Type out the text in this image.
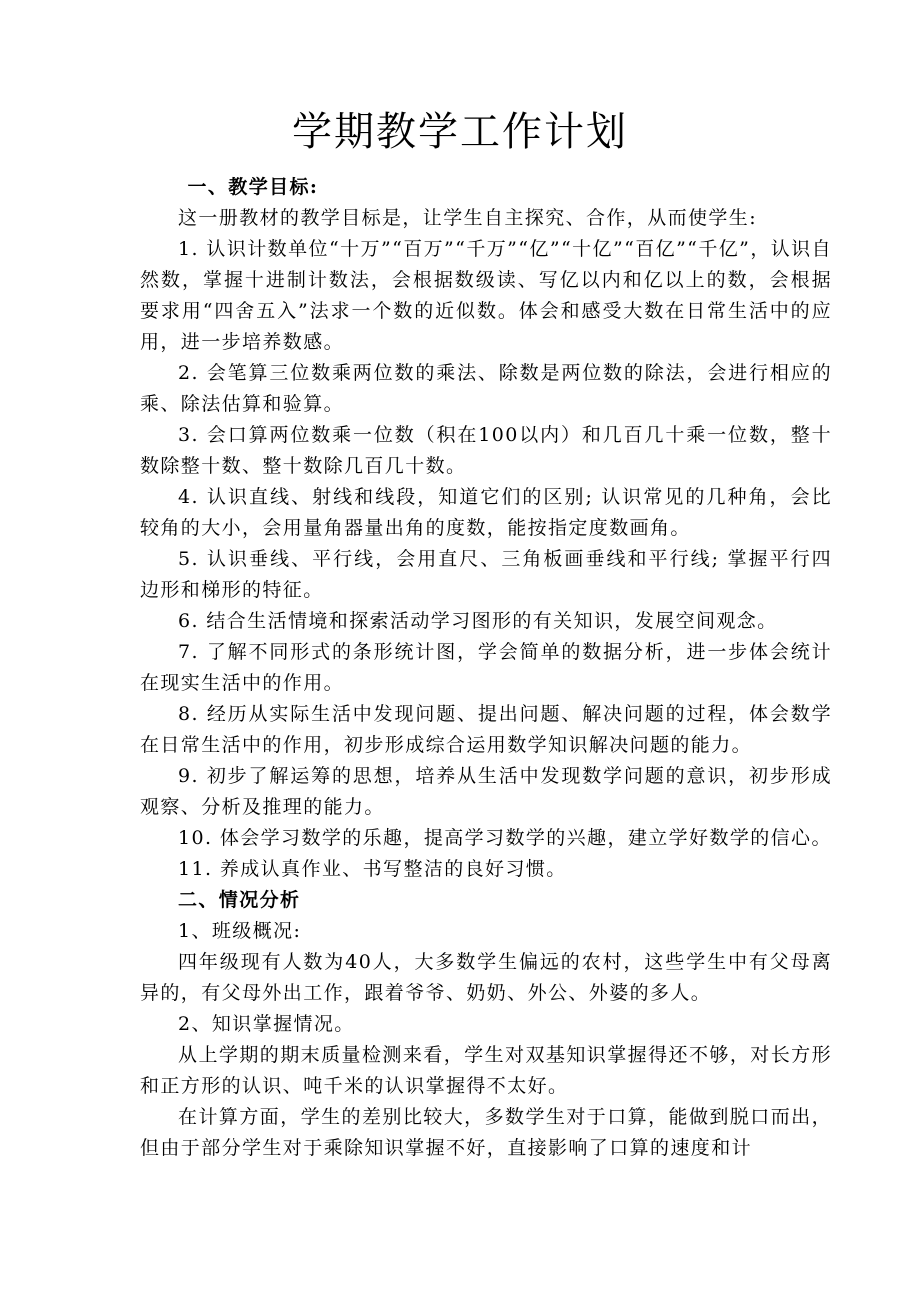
学期教学工作计划

一、教学目标:

这一册教材的教学目标是，让学生自主探究、合作，从而使学生:

1. 认识计数单位“十万”“百万”“千万”“亿”“十亿”“百亿”“千亿”，认识自然数，掌握十进制计数法，会根据数级读、写亿以内和亿以上的数，会根据要求用“四舍五入”法求一个数的近似数。体会和感受大数在日常生活中的应用，进一步培养数感。

2. 会笔算三位数乘两位数的乘法、除数是两位数的除法，会进行相应的乘、除法估算和验算。

3. 会口算两位数乘一位数（积在100以内）和几百几十乘一位数，整十数除整十数、整十数除几百几十数。

4. 认识直线、射线和线段，知道它们的区别; 认识常见的几种角，会比较角的大小，会用量角器量出角的度数，能按指定度数画角。

5. 认识垂线、平行线，会用直尺、三角板画垂线和平行线; 掌握平行四边形和梯形的特征。

6. 结合生活情境和探索活动学习图形的有关知识，发展空间观念。

7. 了解不同形式的条形统计图，学会简单的数据分析，进一步体会统计在现实生活中的作用。

8. 经历从实际生活中发现问题、提出问题、解决问题的过程，体会数学在日常生活中的作用，初步形成综合运用数学知识解决问题的能力。

9. 初步了解运筹的思想，培养从生活中发现数学问题的意识，初步形成观察、分析及推理的能力。

10. 体会学习数学的乐趣，提高学习数学的兴趣，建立学好数学的信心。

11. 养成认真作业、书写整洁的良好习惯。

二、情况分析

1、班级概况:

四年级现有人数为40人，大多数学生偏远的农村，这些学生中有父母离异的，有父母外出工作，跟着爷爷、奶奶、外公、外婆的多人。

2、知识掌握情况。

从上学期的期末质量检测来看，学生对双基知识掌握得还不够，对长方形和正方形的认识、吨千米的认识掌握得不太好。

在计算方面，学生的差别比较大，多数学生对于口算，能做到脱口而出，但由于部分学生对于乘除知识掌握不好，直接影响了口算的速度和计
